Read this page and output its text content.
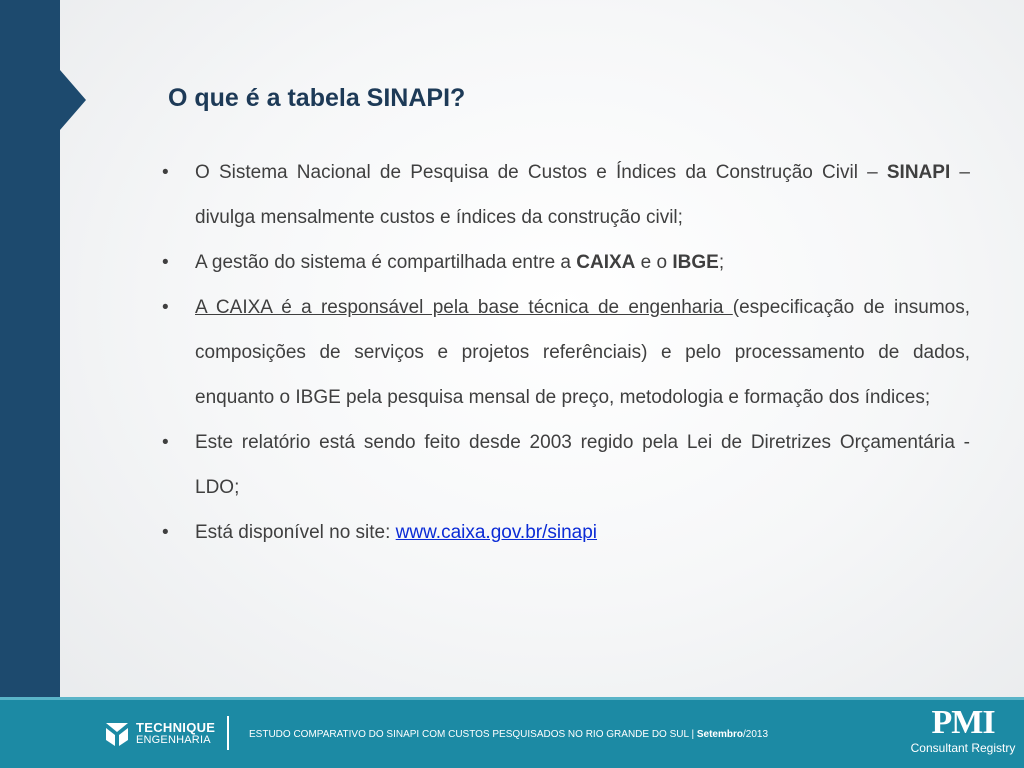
O que é a tabela SINAPI?
• O Sistema Nacional de Pesquisa de Custos e Índices da Construção Civil – SINAPI – divulga mensalmente custos e índices da construção civil;
• A gestão do sistema é compartilhada entre a CAIXA e o IBGE;
• A CAIXA é a responsável pela base técnica de engenharia (especificação de insumos, composições de serviços e projetos referênciais) e pelo processamento de dados, enquanto o IBGE pela pesquisa mensal de preço, metodologia e formação dos índices;
• Este relatório está sendo feito desde 2003 regido pela Lei de Diretrizes Orçamentária - LDO;
• Está disponível no site: www.caixa.gov.br/sinapi
TECHNIQUE
ENGENHARIA	ESTUDO COMPARATIVO DO SINAPI COM CUSTOS PESQUISADOS NO RIO GRANDE DO SUL | Setembro/2013	PMI
Consultant Registry
